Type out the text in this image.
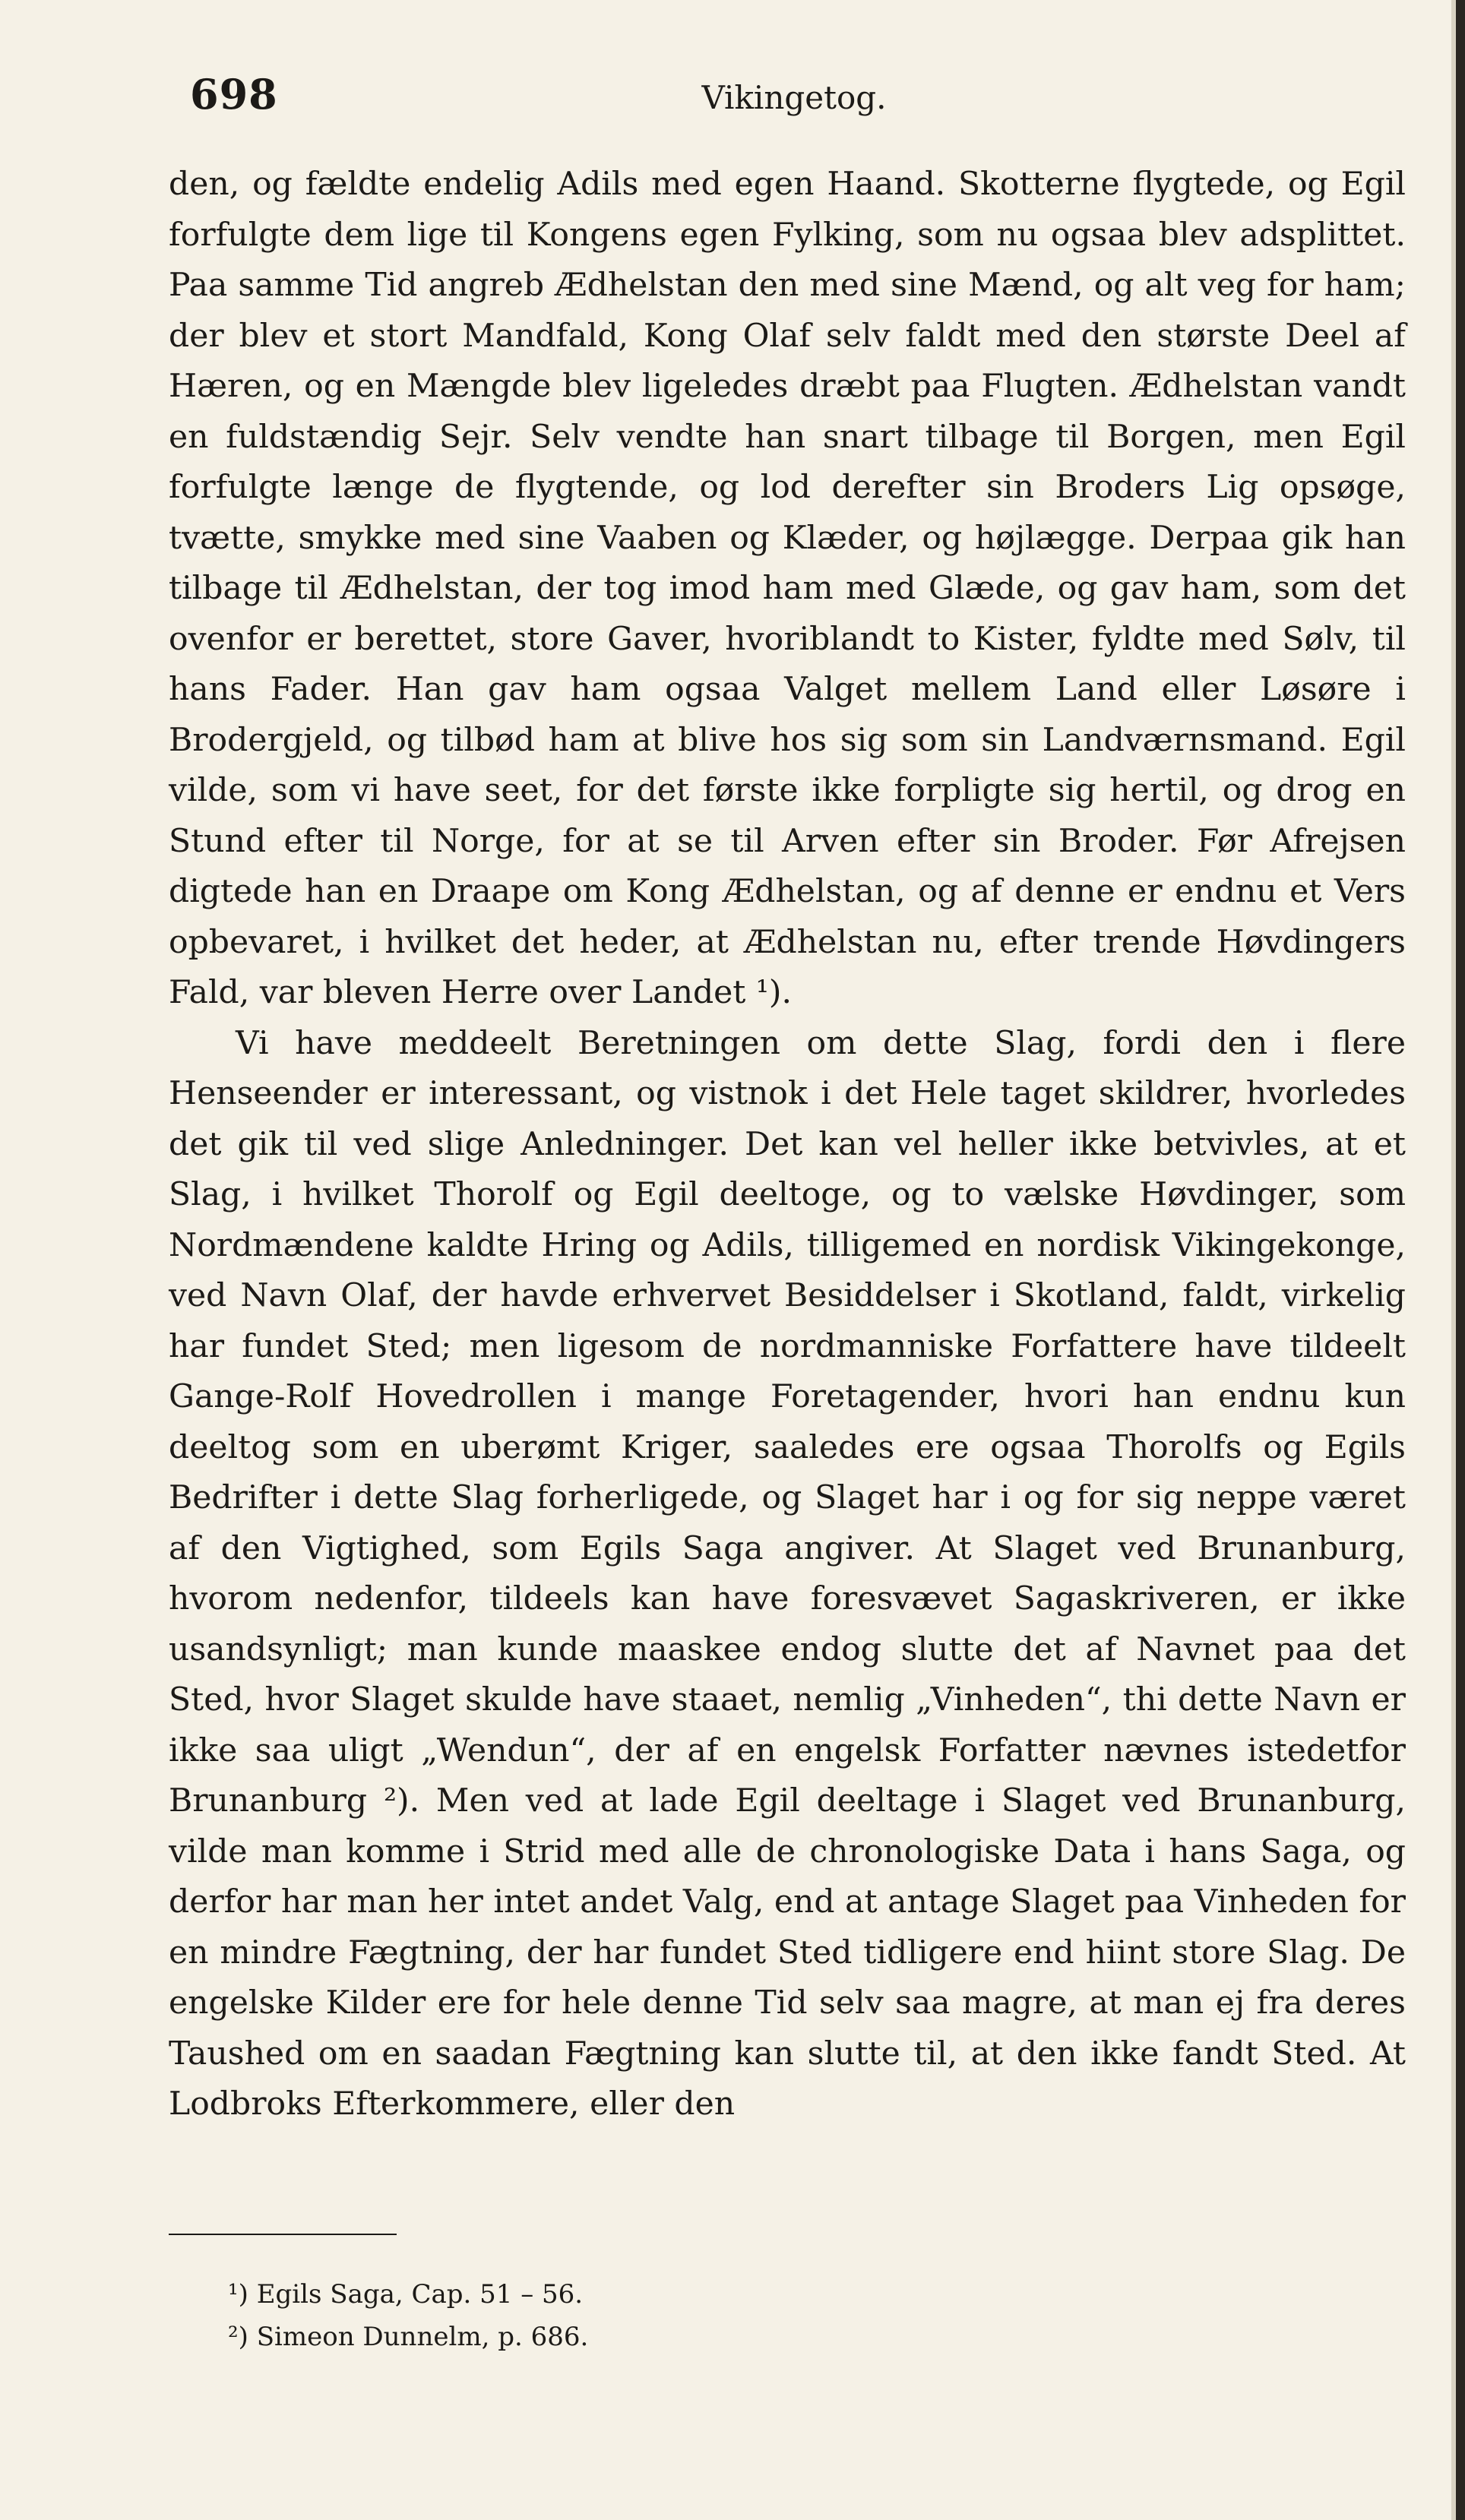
698	Vikingetog.

den, og fældte endelig Adils med egen Haand. Skotterne flygtede, og Egil forfulgte dem lige til Kongens egen Fylking, som nu ogsaa blev adsplittet. Paa samme Tid angreb Ædhelstan den med sine Mænd, og alt veg for ham; der blev et stort Mandfald, Kong Olaf selv faldt med den største Deel af Hæren, og en Mængde blev ligeledes dræbt paa Flugten. Ædhelstan vandt en fuldstændig Sejr. Selv vendte han snart tilbage til Borgen, men Egil forfulgte længe de flygtende, og lod derefter sin Broders Lig opsøge, tvætte, smykke med sine Vaaben og Klæder, og højlægge. Derpaa gik han tilbage til Ædhelstan, der tog imod ham med Glæde, og gav ham, som det ovenfor er berettet, store Gaver, hvoriblandt to Kister, fyldte med Sølv, til hans Fader. Han gav ham ogsaa Valget mellem Land eller Løsøre i Brodergjeld, og tilbød ham at blive hos sig som sin Landværnsmand. Egil vilde, som vi have seet, for det første ikke forpligte sig hertil, og drog en Stund efter til Norge, for at se til Arven efter sin Broder. Før Afrejsen digtede han en Draape om Kong Ædhelstan, og af denne er endnu et Vers opbevaret, i hvilket det heder, at Ædhelstan nu, efter trende Høvdingers Fald, var bleven Herre over Landet ¹).

Vi have meddeelt Beretningen om dette Slag, fordi den i flere Henseender er interessant, og vistnok i det Hele taget skildrer, hvorledes det gik til ved slige Anledninger. Det kan vel heller ikke betvivles, at et Slag, i hvilket Thorolf og Egil deeltoge, og to vælske Høvdinger, som Nordmændene kaldte Hring og Adils, tilligemed en nordisk Vikingekonge, ved Navn Olaf, der havde erhvervet Besiddelser i Skotland, faldt, virkelig har fundet Sted; men ligesom de nordmanniske Forfattere have tildeelt Gange-Rolf Hovedrollen i mange Foretagender, hvori han endnu kun deeltog som en uberømt Kriger, saaledes ere ogsaa Thorolfs og Egils Bedrifter i dette Slag forherligede, og Slaget har i og for sig neppe været af den Vigtighed, som Egils Saga angiver. At Slaget ved Brunanburg, hvorom nedenfor, tildeels kan have foresvævet Sagaskriveren, er ikke usandsynligt; man kunde maaskee endog slutte det af Navnet paa det Sted, hvor Slaget skulde have staaet, nemlig „Vinheden“, thi dette Navn er ikke saa uligt „Wendun“, der af en engelsk Forfatter nævnes istedetfor Brunanburg ²). Men ved at lade Egil deeltage i Slaget ved Brunanburg, vilde man komme i Strid med alle de chronologiske Data i hans Saga, og derfor har man her intet andet Valg, end at antage Slaget paa Vinheden for en mindre Fægtning, der har fundet Sted tidligere end hiint store Slag. De engelske Kilder ere for hele denne Tid selv saa magre, at man ej fra deres Taushed om en saadan Fægtning kan slutte til, at den ikke fandt Sted. At Lodbroks Efterkommere, eller den

¹) Egils Saga, Cap. 51 – 56.

²) Simeon Dunnelm, p. 686.
